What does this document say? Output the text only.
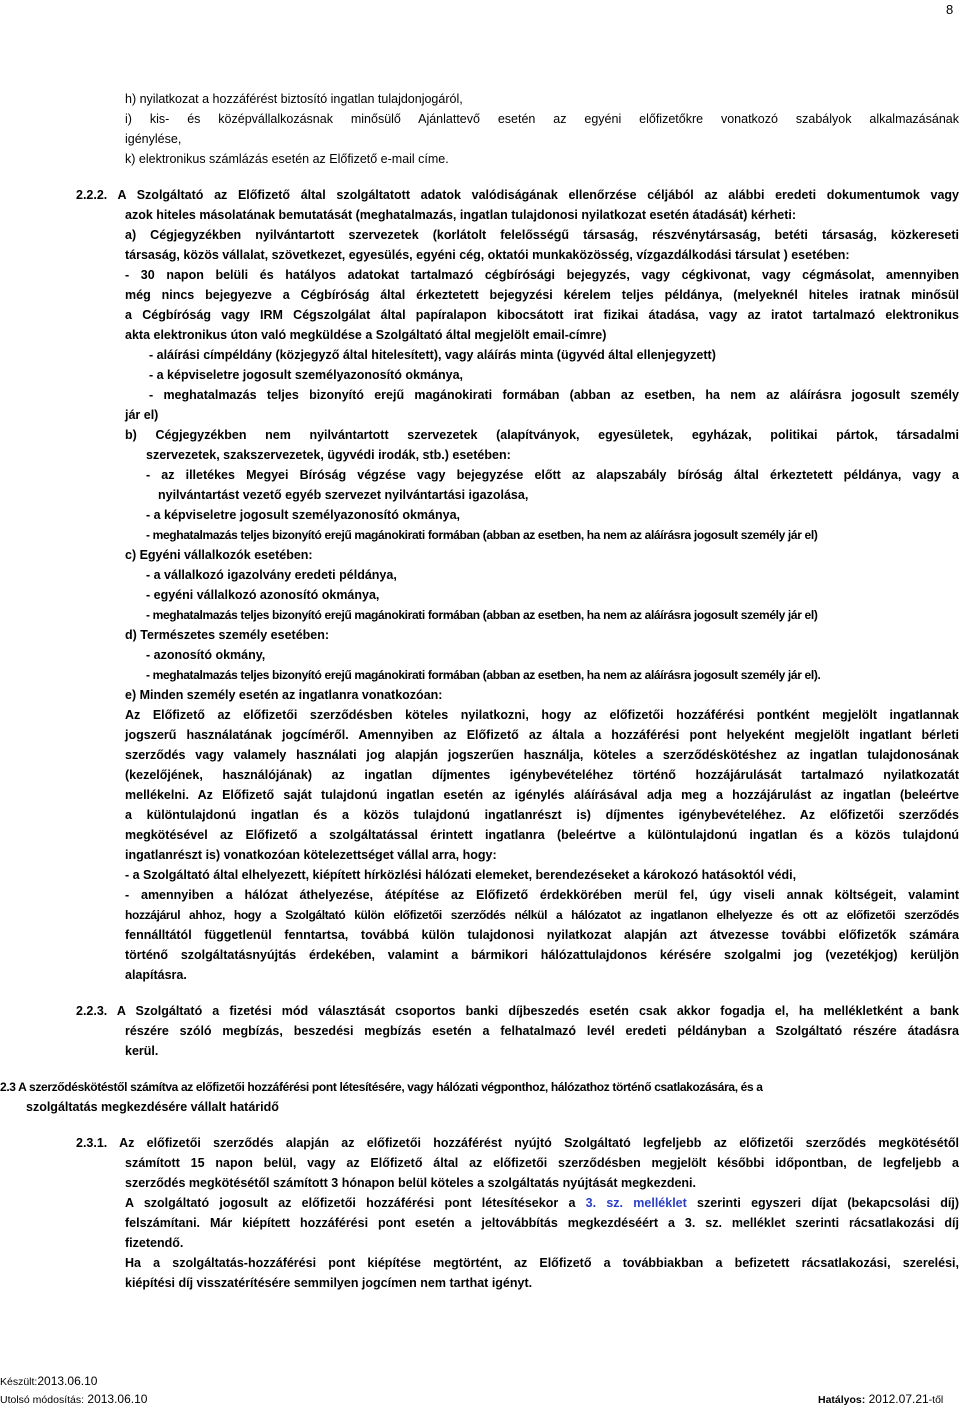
8
h) nyilatkozat a hozzáférést biztosító ingatlan tulajdonjogáról,
i) kis- és középvállalkozásnak minősülő Ajánlattevő esetén az egyéni előfizetőkre vonatkozó szabályok alkalmazásának
igénylése,
k) elektronikus számlázás esetén az Előfizető e-mail címe.
2.2.2. A Szolgáltató az Előfizető által szolgáltatott adatok valódiságának ellenőrzése céljából az alábbi eredeti dokumentumok vagy
azok hiteles másolatának bemutatását (meghatalmazás, ingatlan tulajdonosi nyilatkozat esetén átadását) kérheti:
a) Cégjegyzékben nyilvántartott szervezetek (korlátolt felelősségű társaság, részvénytársaság, betéti társaság, közkereseti
társaság, közös vállalat, szövetkezet, egyesülés, egyéni cég, oktatói munkaközösség, vízgazdálkodási társulat ) esetében:
- 30 napon belüli és hatályos adatokat tartalmazó cégbírósági bejegyzés, vagy cégkivonat, vagy cégmásolat, amennyiben
még nincs bejegyezve a Cégbíróság által érkeztetett bejegyzési kérelem teljes példánya, (melyeknél hiteles iratnak minősül
a Cégbíróság vagy IRM Cégszolgálat által papíralapon kibocsátott irat fizikai átadása, vagy az iratot tartalmazó elektronikus
akta elektronikus úton való megküldése a Szolgáltató által megjelölt email-címre)
- aláírási címpéldány (közjegyző által hitelesített), vagy aláírás minta (ügyvéd által ellenjegyzett)
- a képviseletre jogosult személyazonosító okmánya,
- meghatalmazás teljes bizonyító erejű magánokirati formában (abban az esetben, ha nem az aláírásra jogosult személy
jár el)
b) Cégjegyzékben nem nyilvántartott szervezetek (alapítványok, egyesületek, egyházak, politikai pártok, társadalmi
szervezetek, szakszervezetek, ügyvédi irodák, stb.) esetében:
- az illetékes Megyei Bíróság végzése vagy bejegyzése előtt az alapszabály bíróság által érkeztetett példánya, vagy a
nyilvántartást vezető egyéb szervezet nyilvántartási igazolása,
- a képviseletre jogosult személyazonosító okmánya,
- meghatalmazás teljes bizonyító erejű magánokirati formában (abban az esetben, ha nem az aláírásra jogosult személy jár el)
c) Egyéni vállalkozók esetében:
- a vállalkozó igazolvány eredeti példánya,
- egyéni vállalkozó azonosító okmánya,
- meghatalmazás teljes bizonyító erejű magánokirati formában (abban az esetben, ha nem az aláírásra jogosult személy jár el)
d) Természetes személy esetében:
- azonosító okmány,
- meghatalmazás teljes bizonyító erejű magánokirati formában (abban az esetben, ha nem az aláírásra jogosult személy jár el).
e) Minden személy esetén az ingatlanra vonatkozóan:
Az Előfizető az előfizetői szerződésben köteles nyilatkozni, hogy az előfizetői hozzáférési pontként megjelölt ingatlannak
jogszerű használatának jogcíméről. Amennyiben az Előfizető az általa a hozzáférési pont helyeként megjelölt ingatlant bérleti
szerződés vagy valamely használati jog alapján jogszerűen használja, köteles a szerződéskötéshez az ingatlan tulajdonosának
(kezelőjének, használójának) az ingatlan díjmentes igénybevételéhez történő hozzájárulását tartalmazó nyilatkozatát
mellékelni. Az Előfizető saját tulajdonú ingatlan esetén az igénylés aláírásával adja meg a hozzájárulást az ingatlan (beleértve
a különtulajdonú ingatlan és a közös tulajdonú ingatlanrészt is) díjmentes igénybevételéhez. Az előfizetői szerződés
megkötésével az Előfizető a szolgáltatással érintett ingatlanra (beleértve a különtulajdonú ingatlan és a közös tulajdonú
ingatlanrészt is) vonatkozóan kötelezettséget vállal arra, hogy:
- a Szolgáltató által elhelyezett, kiépített hírközlési hálózati elemeket, berendezéseket a károkozó hatásoktól védi,
- amennyiben a hálózat áthelyezése, átépítése az Előfizető érdekkörében merül fel, úgy viseli annak költségeit, valamint
hozzájárul ahhoz, hogy a Szolgáltató külön előfizetői szerződés nélkül a hálózatot az ingatlanon elhelyezze és ott az előfizetői szerződés
fennálltától függetlenül fenntartsa, továbbá külön tulajdonosi nyilatkozat alapján azt átvezesse további előfizetők számára
történő szolgáltatásnyújtás érdekében, valamint a bármikori hálózattulajdonos kérésére szolgalmi jog (vezetékjog) kerüljön
alapításra.
2.2.3. A Szolgáltató a fizetési mód választását csoportos banki díjbeszedés esetén csak akkor fogadja el, ha mellékletként a bank
részére szóló megbízás, beszedési megbízás esetén a felhatalmazó levél eredeti példányban a Szolgáltató részére átadásra
kerül.
2.3 A szerződéskötéstől számítva az előfizetői hozzáférési pont létesítésére, vagy hálózati végponthoz, hálózathoz történő csatlakozására, és a
szolgáltatás megkezdésére vállalt határidő
2.3.1. Az előfizetői szerződés alapján az előfizetői hozzáférést nyújtó Szolgáltató legfeljebb az előfizetői szerződés megkötésétől
számított 15 napon belül, vagy az Előfizető által az előfizetői szerződésben megjelölt későbbi időpontban, de legfeljebb a
szerződés megkötésétől számított 3 hónapon belül köteles a szolgáltatás nyújtását megkezdeni.
A szolgáltató jogosult az előfizetői hozzáférési pont létesítésekor a 3. sz. melléklet szerinti egyszeri díjat (bekapcsolási díj)
felszámítani. Már kiépített hozzáférési pont esetén a jeltovábbítás megkezdéséért a 3. sz. melléklet szerinti rácsatlakozási díj
fizetendő.
Ha a szolgáltatás-hozzáférési pont kiépítése megtörtént, az Előfizető a továbbiakban a befizetett rácsatlakozási, szerelési,
kiépítési díj visszatérítésére semmilyen jogcímen nem tarthat igényt.
Készült:2013.06.10
Utolsó módosítás: 2013.06.10	Hatályos: 2012.07.21-től
